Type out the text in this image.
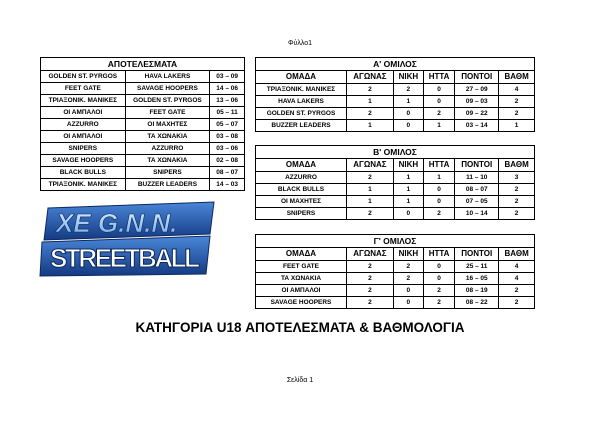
Φύλλο1
ΑΠΟΤΕΛΕΣΜΑΤΑ		
GOLDEN ST. PYRGOS	HAVA LAKERS	03 – 09
FEET GATE	SAVAGE HOOPERS	14 – 06
ΤΡΙΑΞΟΝΙΚ. ΜΑΝΙΚΕΣ	GOLDEN ST. PYRGOS	13 – 06
ΟΙ ΑΜΠΑΛΟΙ	FEET GATE	05 – 11
AZZURRO	ΟΙ ΜΑΧΗΤΕΣ	05 – 07
ΟΙ ΑΜΠΑΛΟΙ	ΤΑ ΧΩΝΑΚΙΑ	03 – 08
SNIPERS	AZZURRO	03 – 06
SAVAGE HOOPERS	ΤΑ ΧΩΝΑΚΙΑ	02 – 08
BLACK BULLS	SNIPERS	08 – 07
ΤΡΙΑΞΟΝΙΚ. ΜΑΝΙΚΕΣ	BUZZER LEADERS	14 – 03
Α' ΟΜΙΛΟΣ					
ΟΜΑΔΑ	ΑΓΩΝΑΣ	ΝΙΚΗ	ΗΤΤΑ	ΠΟΝΤΟΙ	ΒΑΘΜ
ΤΡΙΑΞΟΝΙΚ. ΜΑΝΙΚΕΣ	2	2	0	27 – 09	4
HAVA LAKERS	1	1	0	09 – 03	2
GOLDEN ST. PYRGOS	2	0	2	09 – 22	2
BUZZER LEADERS	1	0	1	03 – 14	1
Β' ΟΜΙΛΟΣ					
ΟΜΑΔΑ	ΑΓΩΝΑΣ	ΝΙΚΗ	ΗΤΤΑ	ΠΟΝΤΟΙ	ΒΑΘΜ
AZZURRO	2	1	1	11 – 10	3
BLACK BULLS	1	1	0	08 – 07	2
ΟΙ ΜΑΧΗΤΕΣ	1	1	0	07 – 05	2
SNIPERS	2	0	2	10 – 14	2
Γ' ΟΜΙΛΟΣ					
ΟΜΑΔΑ	ΑΓΩΝΑΣ	ΝΙΚΗ	ΗΤΤΑ	ΠΟΝΤΟΙ	ΒΑΘΜ
FEET GATE	2	2	0	25 – 11	4
ΤΑ ΧΩΝΑΚΙΑ	2	2	0	16 – 05	4
ΟΙ ΑΜΠΑΛΟΙ	2	0	2	08 – 19	2
SAVAGE HOOPERS	2	0	2	08 – 22	2
XE G.N.N.
STREETBALL
ΚΑΤΗΓΟΡΙΑ U18 ΑΠΟΤΕΛΕΣΜΑΤΑ & ΒΑΘΜΟΛΟΓΙΑ
Σελίδα 1
